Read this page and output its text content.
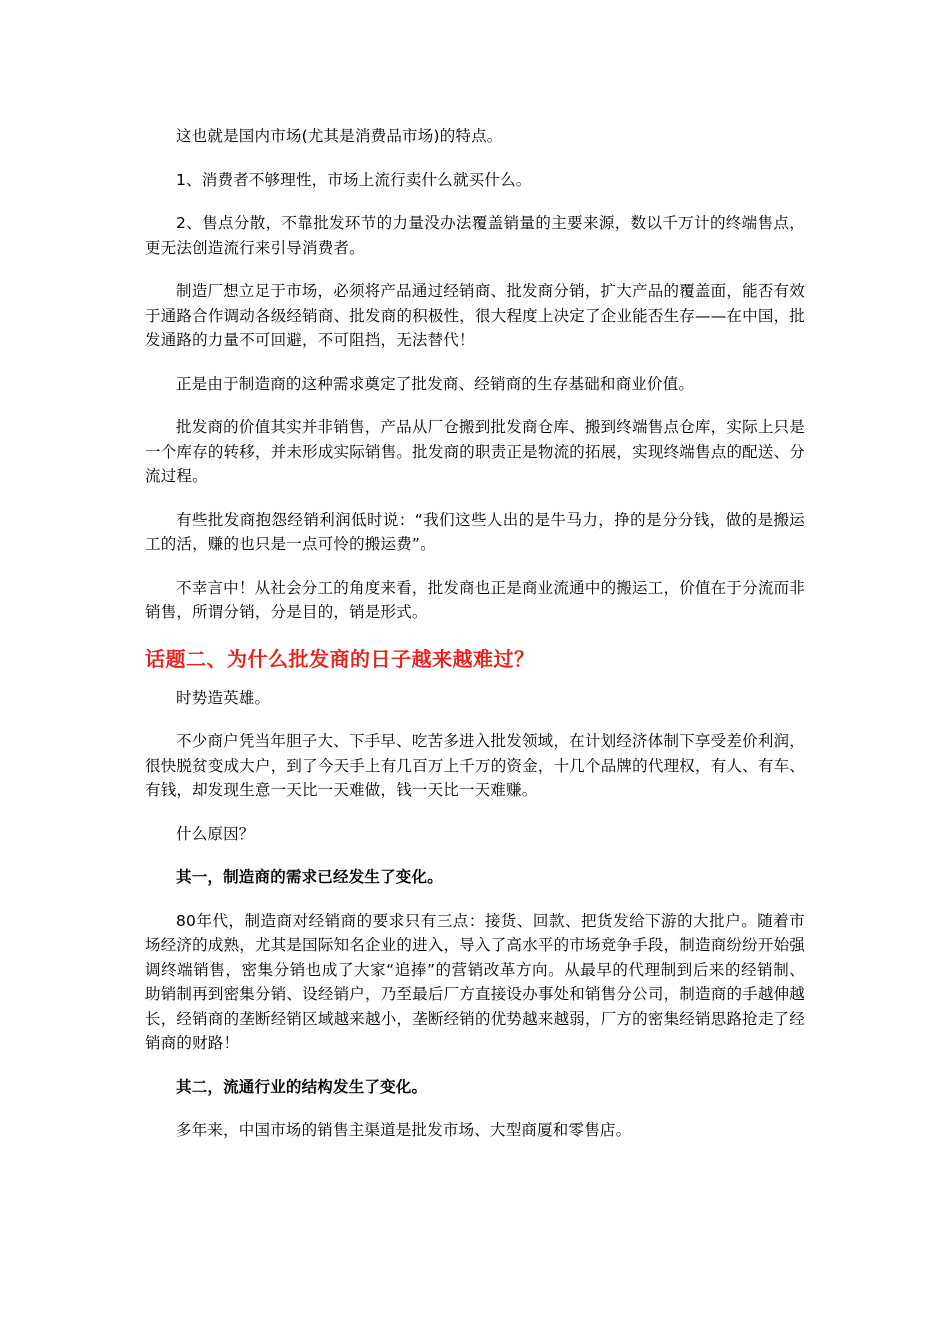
这也就是国内市场(尤其是消费品市场)的特点。

1、消费者不够理性，市场上流行卖什么就买什么。

2、售点分散，不靠批发环节的力量没办法覆盖销量的主要来源，数以千万计的终端售点，更无法创造流行来引导消费者。

制造厂想立足于市场，必须将产品通过经销商、批发商分销，扩大产品的覆盖面，能否有效于通路合作调动各级经销商、批发商的积极性，很大程度上决定了企业能否生存——在中国，批发通路的力量不可回避，不可阻挡，无法替代！

正是由于制造商的这种需求奠定了批发商、经销商的生存基础和商业价值。

批发商的价值其实并非销售，产品从厂仓搬到批发商仓库、搬到终端售点仓库，实际上只是一个库存的转移，并未形成实际销售。批发商的职责正是物流的拓展，实现终端售点的配送、分流过程。

有些批发商抱怨经销利润低时说：“我们这些人出的是牛马力，挣的是分分钱，做的是搬运工的活，赚的也只是一点可怜的搬运费”。

不幸言中！从社会分工的角度来看，批发商也正是商业流通中的搬运工，价值在于分流而非销售，所谓分销，分是目的，销是形式。

话题二、为什么批发商的日子越来越难过？

时势造英雄。

不少商户凭当年胆子大、下手早、吃苦多进入批发领域，在计划经济体制下享受差价利润，很快脱贫变成大户，到了今天手上有几百万上千万的资金，十几个品牌的代理权，有人、有车、有钱，却发现生意一天比一天难做，钱一天比一天难赚。

什么原因？

其一，制造商的需求已经发生了变化。

80年代，制造商对经销商的要求只有三点：接货、回款、把货发给下游的大批户。随着市场经济的成熟，尤其是国际知名企业的进入，导入了高水平的市场竞争手段，制造商纷纷开始强调终端销售，密集分销也成了大家“追捧”的营销改革方向。从最早的代理制到后来的经销制、助销制再到密集分销、设经销户，乃至最后厂方直接设办事处和销售分公司，制造商的手越伸越长，经销商的垄断经销区域越来越小，垄断经销的优势越来越弱，厂方的密集经销思路抢走了经销商的财路！

其二，流通行业的结构发生了变化。

多年来，中国市场的销售主渠道是批发市场、大型商厦和零售店。
